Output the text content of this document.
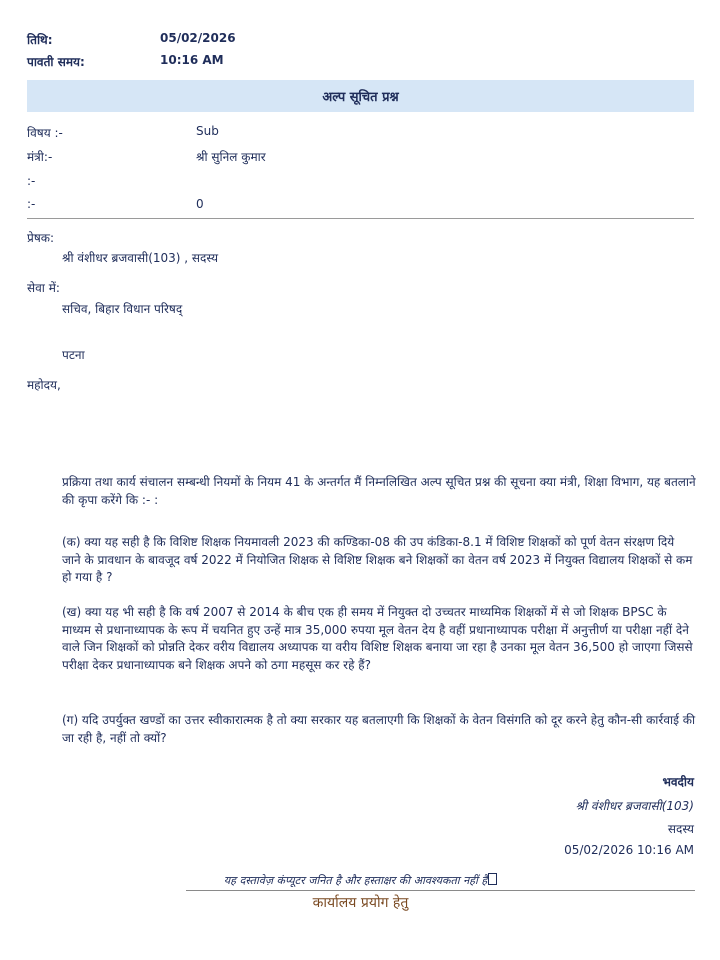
तिथि:	05/02/2026
पावती समय:	10:16 AM
अल्प सूचित प्रश्न
विषय :-	Sub
मंत्री:-	श्री सुनिल कुमार
:-
:-	0
प्रेषक:
श्री वंशीधर ब्रजवासी(103) , सदस्य
सेवा में:
सचिव, बिहार विधान परिषद्
पटना
महोदय,
प्रक्रिया तथा कार्य संचालन सम्बन्धी नियमों के नियम 41 के अन्तर्गत मैं निम्नलिखित अल्प सूचित प्रश्न की सूचना क्या मंत्री, शिक्षा विभाग, यह बतलाने की कृपा करेंगे कि :- :
(क) क्या यह सही है कि विशिष्ट शिक्षक नियमावली 2023 की कण्डिका-08 की उप कंडिका-8.1 में विशिष्ट शिक्षकों को पूर्ण वेतन संरक्षण दिये जाने के प्रावधान के बावजूद वर्ष 2022 में नियोजित शिक्षक से विशिष्ट शिक्षक बने शिक्षकों का वेतन वर्ष 2023 में नियुक्त विद्यालय शिक्षकों से कम हो गया है ?
(ख) क्या यह भी सही है कि वर्ष 2007 से 2014 के बीच एक ही समय में नियुक्त दो उच्चतर माध्यमिक शिक्षकों में से जो शिक्षक BPSC के माध्यम से प्रधानाध्यापक के रूप में चयनित हुए उन्हें मात्र 35,000 रुपया मूल वेतन देय है वहीं प्रधानाध्यापक परीक्षा में अनुत्तीर्ण या परीक्षा नहीं देने वाले जिन शिक्षकों को प्रोन्नति देकर वरीय विद्यालय अध्यापक या वरीय विशिष्ट शिक्षक बनाया जा रहा है उनका मूल वेतन 36,500 हो जाएगा जिससे परीक्षा देकर प्रधानाध्यापक बने शिक्षक अपने को ठगा महसूस कर रहे हैं?
(ग) यदि उपर्युक्त खण्डों का उत्तर स्वीकारात्मक है तो क्या सरकार यह बतलाएगी कि शिक्षकों के वेतन विसंगति को दूर करने हेतु कौन-सी कार्रवाई की जा रही है, नहीं तो क्यों?
भवदीय
श्री वंशीधर ब्रजवासी(103)
सदस्य
05/02/2026 10:16 AM
यह दस्तावेज़ कंप्यूटर जनित है और हस्ताक्षर की आवश्यकता नहीं है
कार्यालय प्रयोग हेतु
